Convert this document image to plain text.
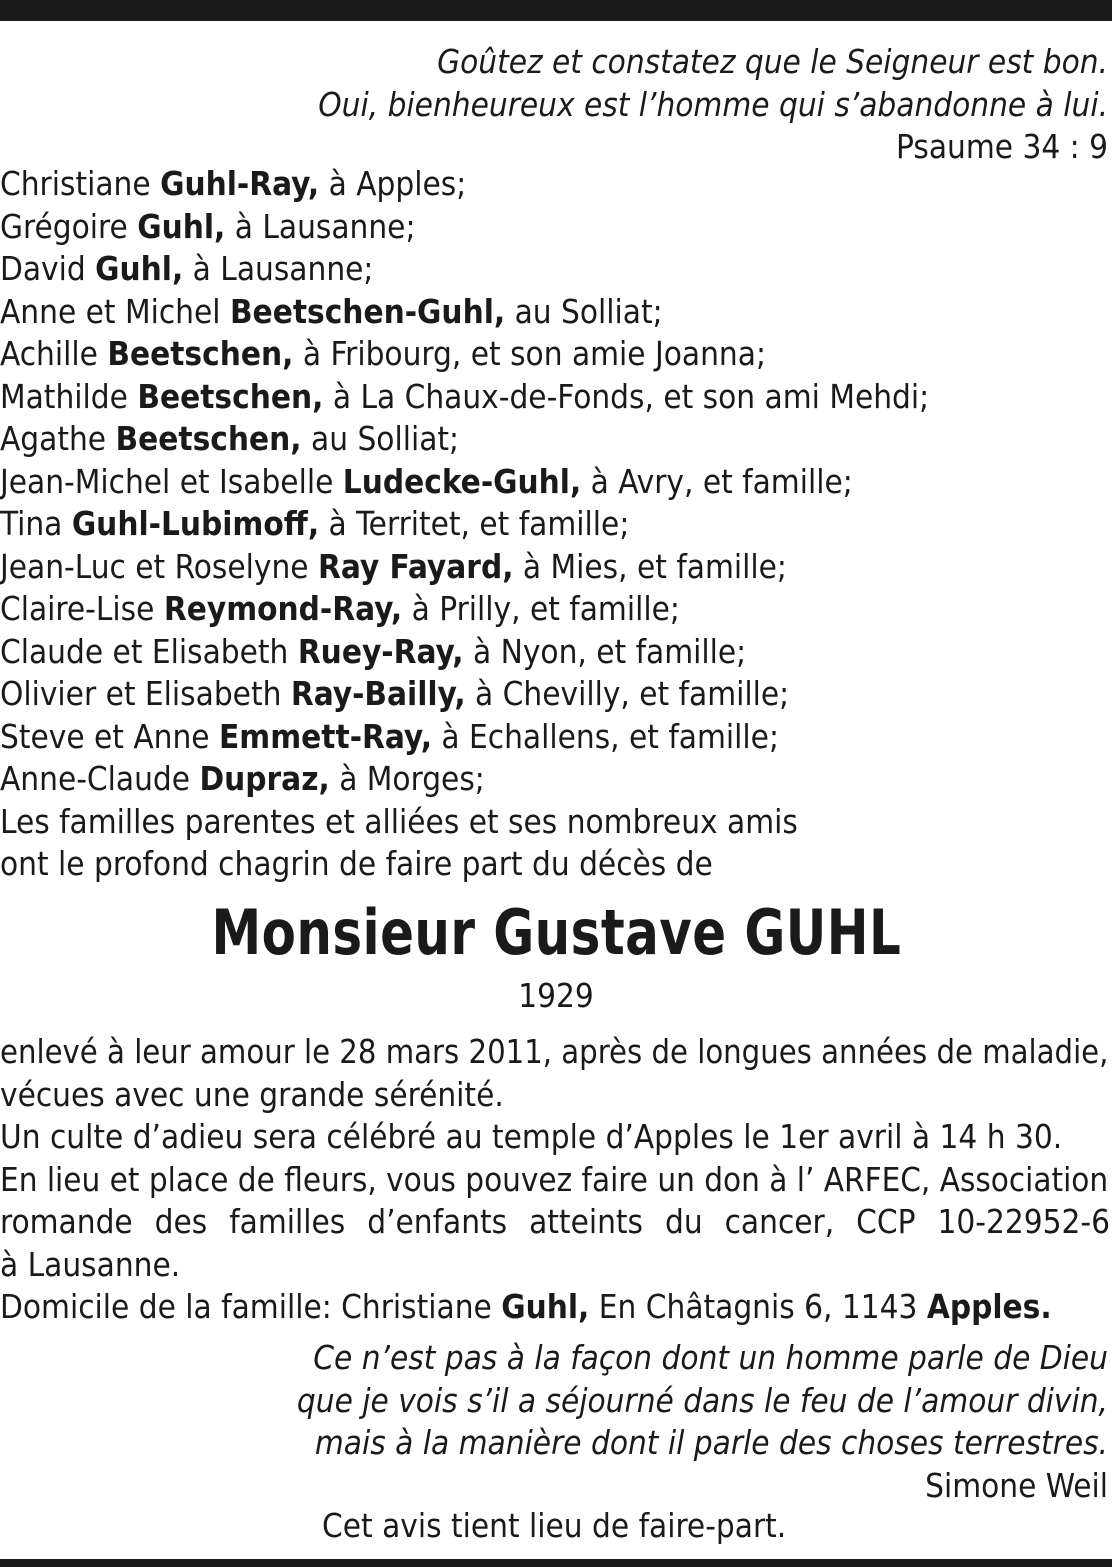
Goûtez et constatez que le Seigneur est bon.
Oui, bienheureux est l’homme qui s’abandonne à lui.
Psaume 34 : 9
Christiane Guhl-Ray, à Apples;
Grégoire Guhl, à Lausanne;
David Guhl, à Lausanne;
Anne et Michel Beetschen-Guhl, au Solliat;
Achille Beetschen, à Fribourg, et son amie Joanna;
Mathilde Beetschen, à La Chaux-de-Fonds, et son ami Mehdi;
Agathe Beetschen, au Solliat;
Jean-Michel et Isabelle Ludecke-Guhl, à Avry, et famille;
Tina Guhl-Lubimoff, à Territet, et famille;
Jean-Luc et Roselyne Ray Fayard, à Mies, et famille;
Claire-Lise Reymond-Ray, à Prilly, et famille;
Claude et Elisabeth Ruey-Ray, à Nyon, et famille;
Olivier et Elisabeth Ray-Bailly, à Chevilly, et famille;
Steve et Anne Emmett-Ray, à Echallens, et famille;
Anne-Claude Dupraz, à Morges;
Les familles parentes et alliées et ses nombreux amis
ont le profond chagrin de faire part du décès de
Monsieur Gustave GUHL
1929
enlevé à leur amour le 28 mars 2011, après de longues années de maladie,
vécues avec une grande sérénité.
Un culte d’adieu sera célébré au temple d’Apples le 1er avril à 14 h 30.
En lieu et place de fleurs, vous pouvez faire un don à l’ ARFEC, Association
romande des familles d’enfants atteints du cancer, CCP 10-22952-6
à Lausanne.
Domicile de la famille: Christiane Guhl, En Châtagnis 6, 1143 Apples.
Ce n’est pas à la façon dont un homme parle de Dieu
que je vois s’il a séjourné dans le feu de l’amour divin,
mais à la manière dont il parle des choses terrestres.
Simone Weil
Cet avis tient lieu de faire-part.
